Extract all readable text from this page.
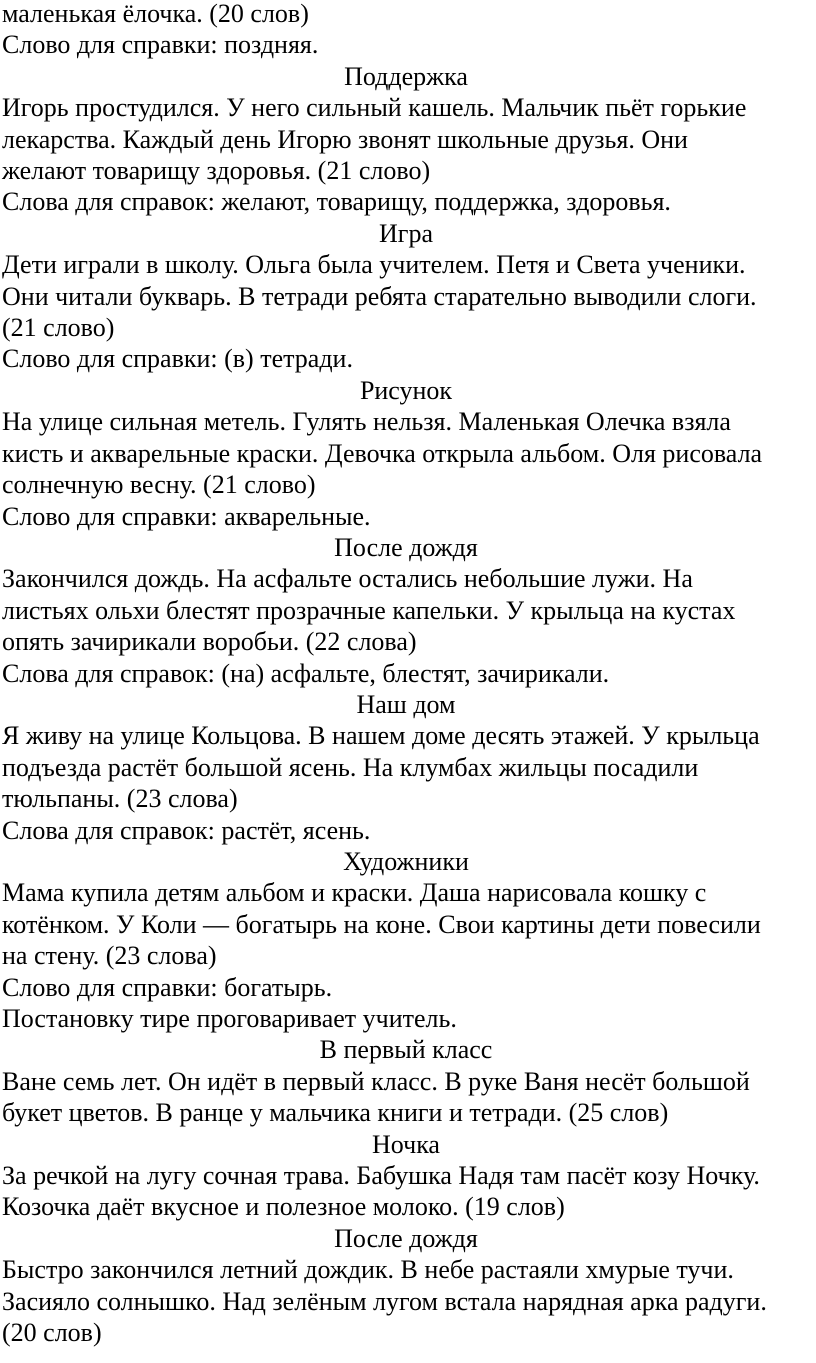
маленькая ёлочка. (20 слов)

Слово для справки: поздняя.

Поддержка

Игорь простудился. У него сильный кашель. Мальчик пьёт горькие

лекарства. Каждый день Игорю звонят школьные друзья. Они

желают товарищу здоровья. (21 слово)

Слова для справок: желают, товарищу, поддержка, здоровья.

Игра

Дети играли в школу. Ольга была учителем. Петя и Света ученики.

Они читали букварь. В тетради ребята старательно выводили слоги.

(21 слово)

Слово для справки: (в) тетради.

Рисунок

На улице сильная метель. Гулять нельзя. Маленькая Олечка взяла

кисть и акварельные краски. Девочка открыла альбом. Оля рисовала

солнечную весну. (21 слово)

Слово для справки: акварельные.

После дождя

Закончился дождь. На асфальте остались небольшие лужи. На

листьях ольхи блестят прозрачные капельки. У крыльца на кустах

опять зачирикали воробьи. (22 слова)

Слова для справок: (на) асфальте, блестят, зачирикали.

Наш дом

Я живу на улице Кольцова. В нашем доме десять этажей. У крыльца

подъезда растёт большой ясень. На клумбах жильцы посадили

тюльпаны. (23 слова)

Слова для справок: растёт, ясень.

Художники

Мама купила детям альбом и краски. Даша нарисовала кошку с

котёнком. У Коли — богатырь на коне. Свои картины дети повесили

на стену. (23 слова)

Слово для справки: богатырь.

Постановку тире проговаривает учитель.

В первый класс

Ване семь лет. Он идёт в первый класс. В руке Ваня несёт большой

букет цветов. В ранце у мальчика книги и тетради. (25 слов)

Ночка

За речкой на лугу сочная трава. Бабушка Надя там пасёт козу Ночку.

Козочка даёт вкусное и полезное молоко. (19 слов)

После дождя

Быстро закончился летний дождик. В небе растаяли хмурые тучи.

Засияло солнышко. Над зелёным лугом встала нарядная арка радуги.

(20 слов)
